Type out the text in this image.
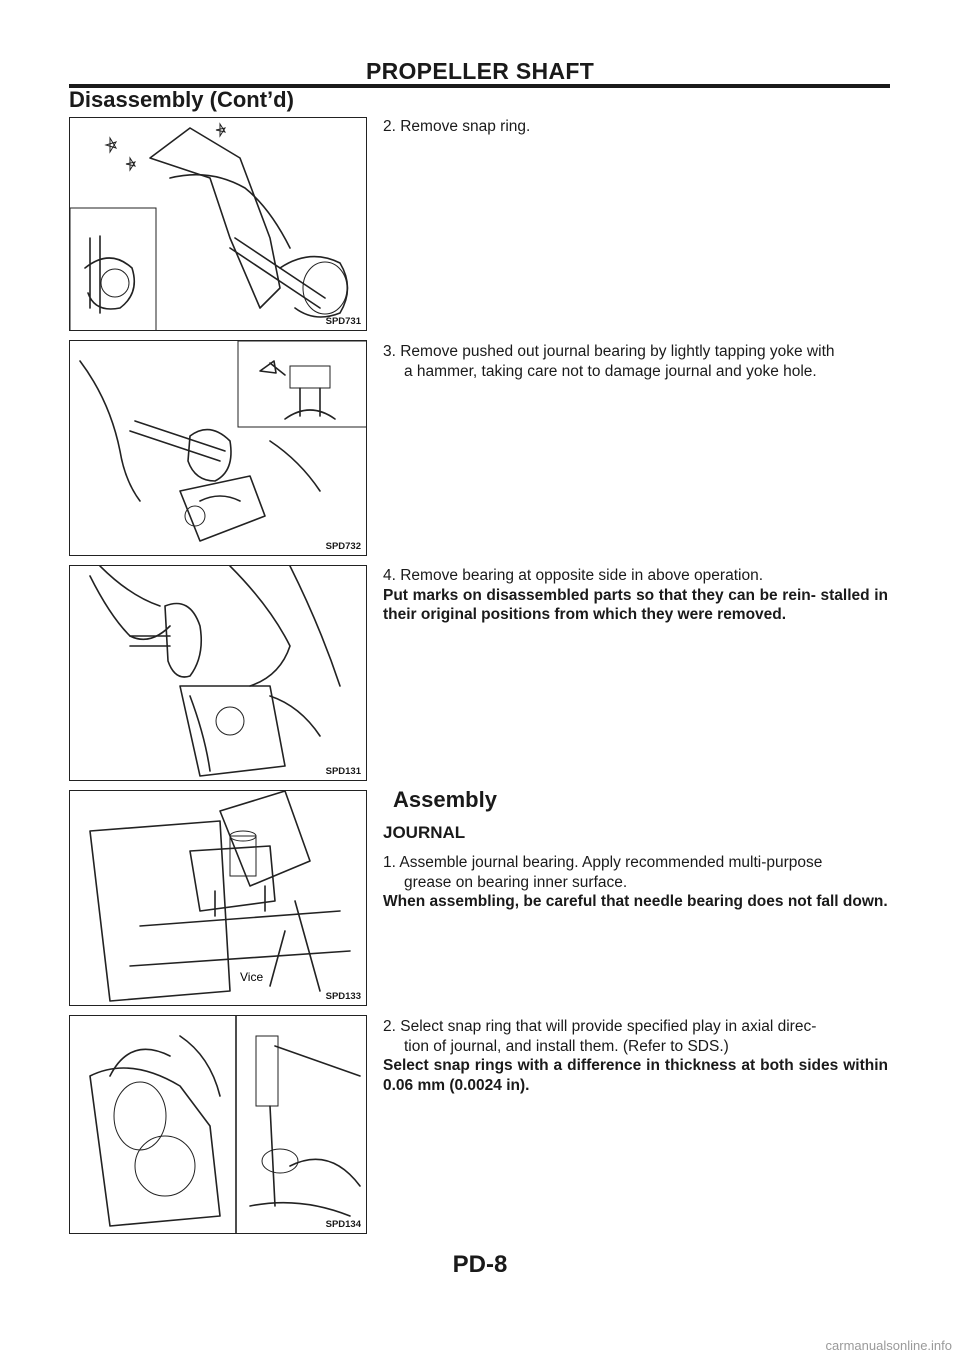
PROPELLER SHAFT
Disassembly (Cont’d)
SPD731
SPD732
SPD131
Vice
SPD133
SPD134
2. Remove snap ring.
3. Remove pushed out journal bearing by lightly tapping yoke with
a hammer, taking care not to damage journal and yoke hole.
4. Remove bearing at opposite side in above operation.
Put marks on disassembled parts so that they can be rein- stalled in their original positions from which they were removed.
Assembly
JOURNAL
1. Assemble journal bearing. Apply recommended multi-purpose
grease on bearing inner surface.
When assembling, be careful that needle bearing does not fall down.
2. Select snap ring that will provide specified play in axial direc-
tion of journal, and install them. (Refer to SDS.)
Select snap rings with a difference in thickness at both sides within 0.06 mm (0.0024 in).
PD-8
carmanualsonline.info
